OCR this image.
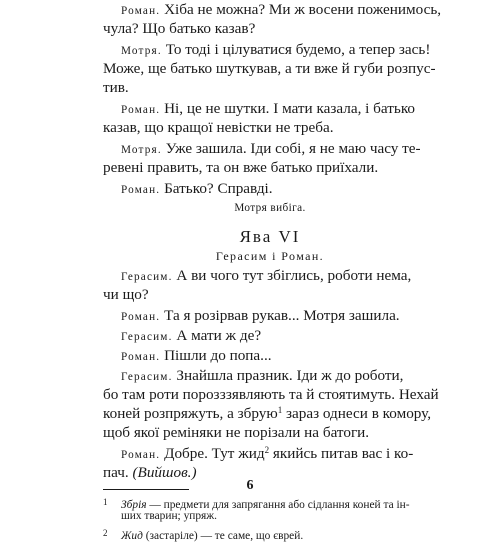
Роман. Хіба не можна? Ми ж восени поженимось,
чула? Що батько казав?
Мотря. То тоді і цілуватися будемо, а тепер зась!
Може, ще батько шуткував, а ти вже й губи розпус-
тив.
Роман. Ні, це не шутки. І мати казала, і батько
казав, що кращої невістки не треба.
Мотря. Уже зашила. Іди собі, я не маю часу те-
ревені править, та он вже батько приїхали.
Роман. Батько? Справді.
Мотря вибіга.
Ява VI
Герасим і Роман.
Герасим. А ви чого тут збіглись, роботи нема,
чи що?
Роман. Та я розірвав рукав... Мотря зашила.
Герасим. А мати ж де?
Роман. Пішли до попа...
Герасим. Знайшла празник. Іди ж до роботи,
бо там роти порозззявляють та й стоятимуть. Нехай
коней розпряжуть, а збрую$^1$ зараз однеси в комору,
щоб якої реміняки не порізали на батоги.
Роман. Добре. Тут жид$^2$ якийсь питав вас і ко-
пач. (Вийшов.)
1 Збрія — предмети для запрягання або сідлання коней та ін-
ших тварин; упряж.
2 Жид (застаріле) — те саме, що єврей.
6
